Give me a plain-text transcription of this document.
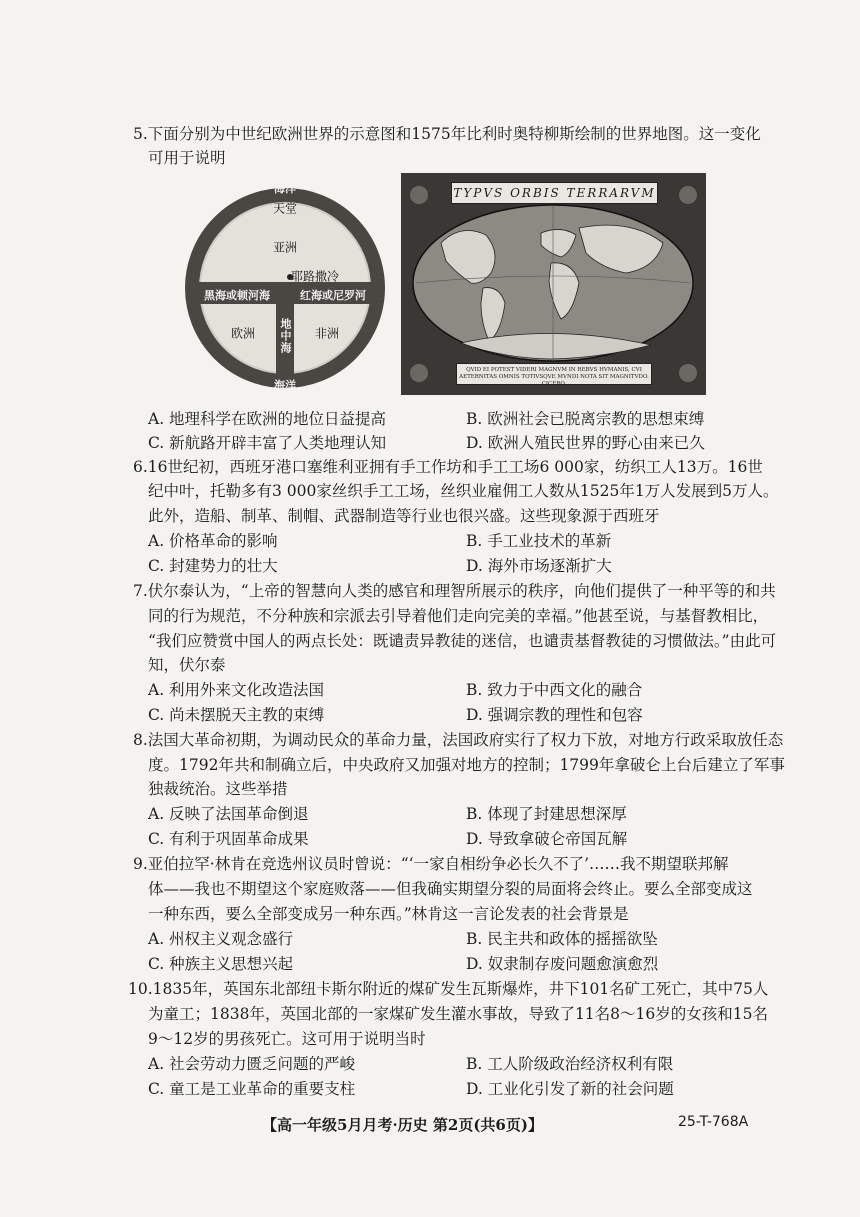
5.下面分别为中世纪欧洲世界的示意图和1575年比利时奥特柳斯绘制的世界地图。这一变化
可用于说明
海洋
天堂
亚洲
耶路撒冷
黑海或顿河海	红海或尼罗河
欧洲	非洲
地中海
海洋
TYPVS ORBIS TERRARVM
QVID EI POTEST VIDERI MAGNVM IN REBVS HVMANIS, CVI AETERNITAS OMNIS TOTIVSQVE MVNDI NOTA SIT MAGNITVDO. CICERO.
A. 地理科学在欧洲的地位日益提高	B. 欧洲社会已脱离宗教的思想束缚
C. 新航路开辟丰富了人类地理认知	D. 欧洲人殖民世界的野心由来已久
6.16世纪初，西班牙港口塞维利亚拥有手工作坊和手工工场6 000家，纺织工人13万。16世
纪中叶，托勒多有3 000家丝织手工工场，丝织业雇佣工人数从1525年1万人发展到5万人。
此外，造船、制革、制帽、武器制造等行业也很兴盛。这些现象源于西班牙
A. 价格革命的影响	B. 手工业技术的革新
C. 封建势力的壮大	D. 海外市场逐渐扩大
7.伏尔泰认为，“上帝的智慧向人类的感官和理智所展示的秩序，向他们提供了一种平等的和共
同的行为规范，不分种族和宗派去引导着他们走向完美的幸福。”他甚至说，与基督教相比，
“我们应赞赏中国人的两点长处：既谴责异教徒的迷信，也谴责基督教徒的习惯做法。”由此可
知，伏尔泰
A. 利用外来文化改造法国	B. 致力于中西文化的融合
C. 尚未摆脱天主教的束缚	D. 强调宗教的理性和包容
8.法国大革命初期，为调动民众的革命力量，法国政府实行了权力下放，对地方行政采取放任态
度。1792年共和制确立后，中央政府又加强对地方的控制；1799年拿破仑上台后建立了军事
独裁统治。这些举措
A. 反映了法国革命倒退	B. 体现了封建思想深厚
C. 有利于巩固革命成果	D. 导致拿破仑帝国瓦解
9.亚伯拉罕·林肯在竞选州议员时曾说：“‘一家自相纷争必长久不了’……我不期望联邦解
体——我也不期望这个家庭败落——但我确实期望分裂的局面将会终止。要么全部变成这
一种东西，要么全部变成另一种东西。”林肯这一言论发表的社会背景是
A. 州权主义观念盛行	B. 民主共和政体的摇摇欲坠
C. 种族主义思想兴起	D. 奴隶制存废问题愈演愈烈
10.1835年，英国东北部纽卡斯尔附近的煤矿发生瓦斯爆炸，井下101名矿工死亡，其中75人
为童工；1838年，英国北部的一家煤矿发生灌水事故，导致了11名8～16岁的女孩和15名
9～12岁的男孩死亡。这可用于说明当时
A. 社会劳动力匮乏问题的严峻	B. 工人阶级政治经济权利有限
C. 童工是工业革命的重要支柱	D. 工业化引发了新的社会问题
【高一年级5月月考·历史 第2页(共6页)】	25-T-768A
